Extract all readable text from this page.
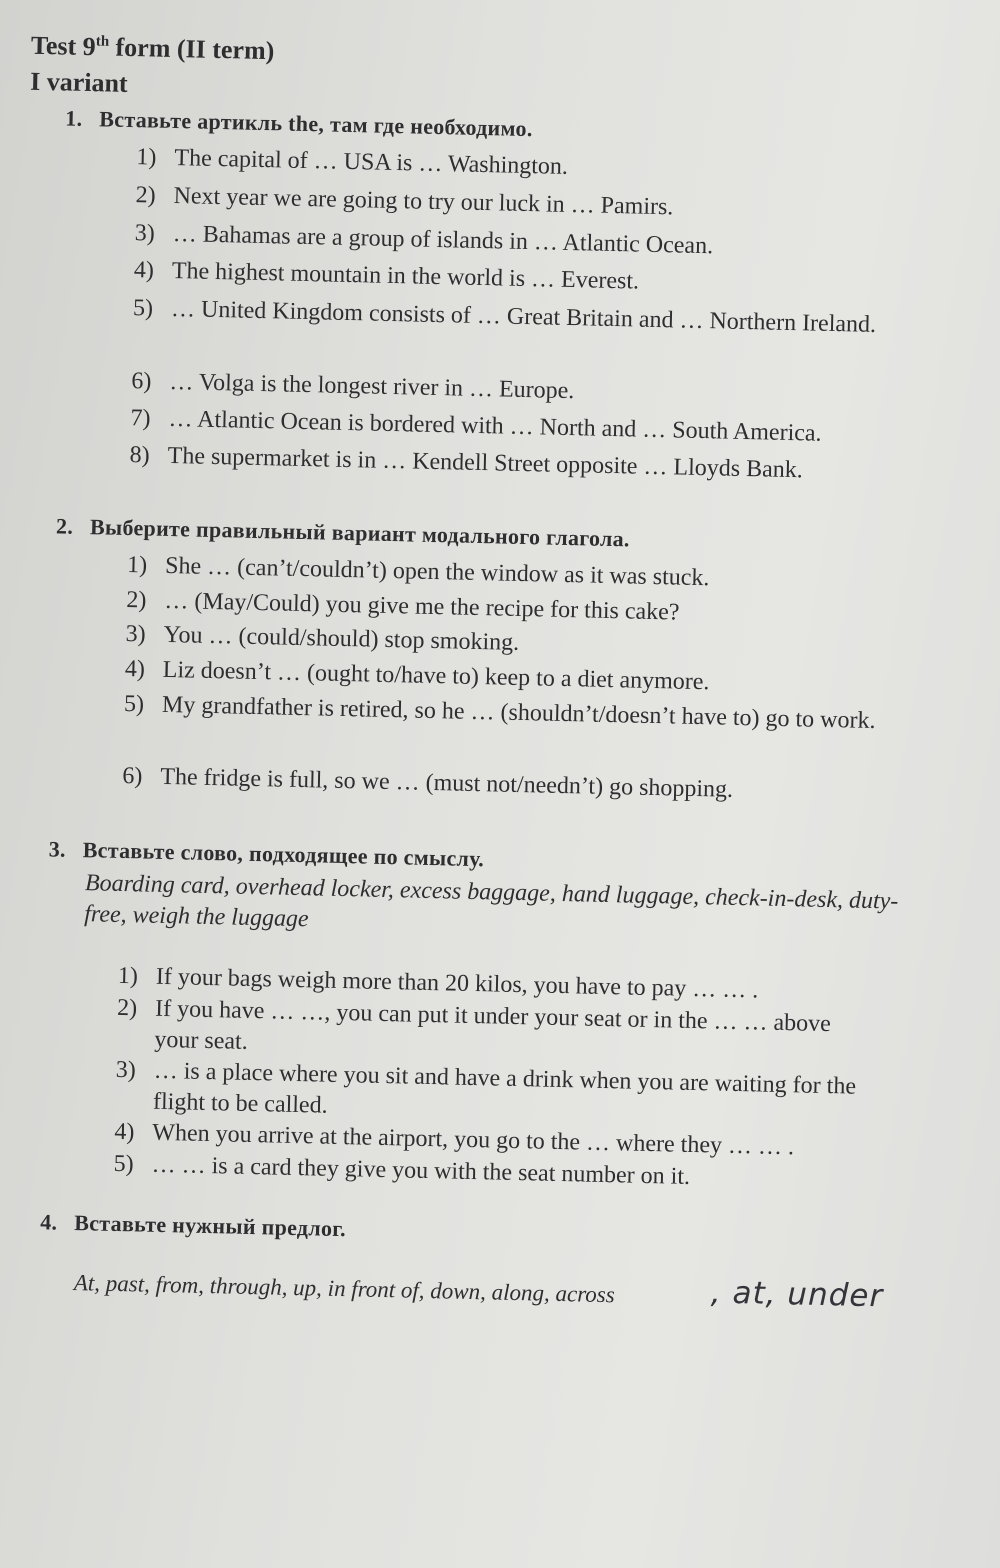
Test 9th form (II term)
I variant
1. Вставьте артикль the, там где необходимо.
1) The capital of … USA is … Washington.
2) Next year we are going to try our luck in … Pamirs.
3) … Bahamas are a group of islands in … Atlantic Ocean.
4) The highest mountain in the world is … Everest.
5) … United Kingdom consists of … Great Britain and … Northern Ireland.
6) … Volga is the longest river in … Europe.
7) … Atlantic Ocean is bordered with … North and … South America.
8) The supermarket is in … Kendell Street opposite … Lloyds Bank.
2. Выберите правильный вариант модального глагола.
1) She … (can’t/couldn’t) open the window as it was stuck.
2) … (May/Could) you give me the recipe for this cake?
3) You … (could/should) stop smoking.
4) Liz doesn’t … (ought to/have to) keep to a diet anymore.
5) My grandfather is retired, so he … (shouldn’t/doesn’t have to) go to work.
6) The fridge is full, so we … (must not/needn’t) go shopping.
3. Вставьте слово, подходящее по смыслу.
Boarding card, overhead locker, excess baggage, hand luggage, check-in-desk, duty-free, weigh the luggage
1) If your bags weigh more than 20 kilos, you have to pay … … .
2) If you have … …, you can put it under your seat or in the … … above your seat.
3) … is a place where you sit and have a drink when you are waiting for the flight to be called.
4) When you arrive at the airport, you go to the … where they … … .
5) … … is a card they give you with the seat number on it.
4. Вставьте нужный предлог.
At, past, from, through, up, in front of, down, along, across	, at, under
